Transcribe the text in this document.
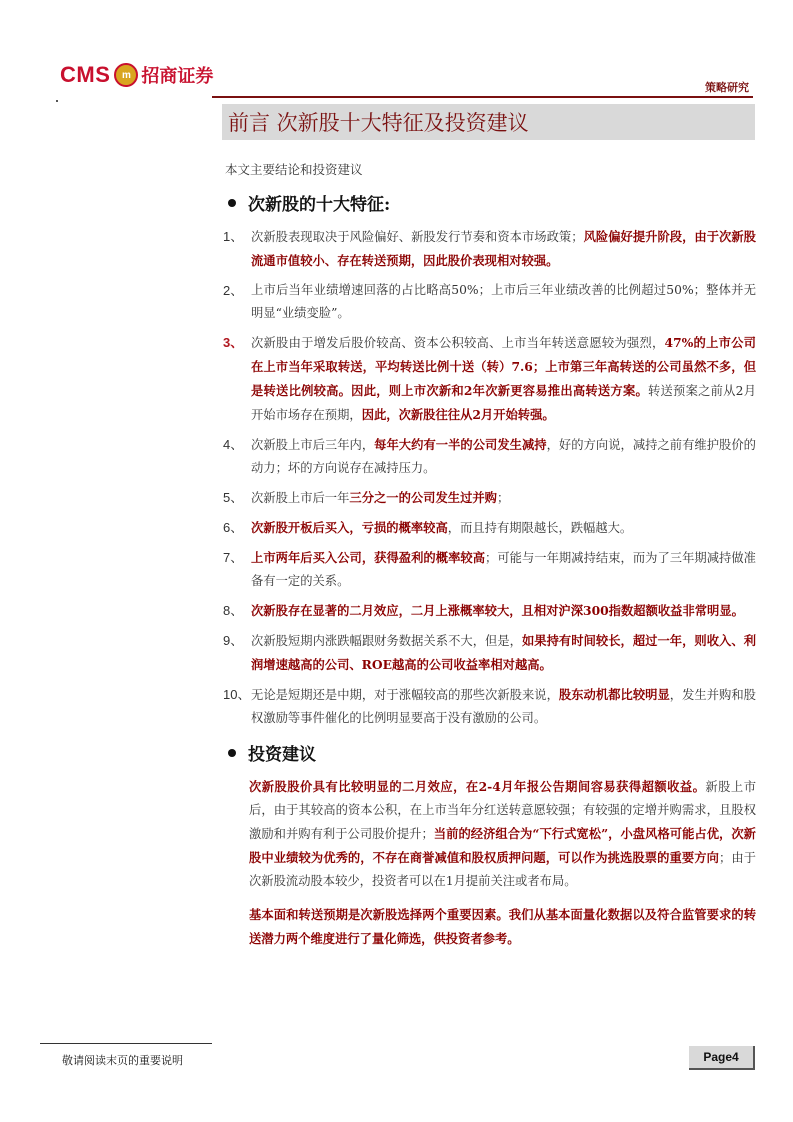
CMS	m 招商证券
策略研究
前言 次新股十大特征及投资建议
本文主要结论和投资建议
次新股的十大特征:
1、 次新股表现取决于风险偏好、新股发行节奏和资本市场政策；风险偏好提升阶段，由于次新股流通市值较小、存在转送预期，因此股价表现相对较强。
2、 上市后当年业绩增速回落的占比略高50%；上市后三年业绩改善的比例超过50%；整体并无明显“业绩变脸”。
3、 次新股由于增发后股价较高、资本公积较高、上市当年转送意愿较为强烈，47%的上市公司在上市当年采取转送，平均转送比例十送（转）7.6；上市第三年高转送的公司虽然不多，但是转送比例较高。因此，则上市次新和2年次新更容易推出高转送方案。转送预案之前从2月开始市场存在预期，因此，次新股往往从2月开始转强。
4、 次新股上市后三年内，每年大约有一半的公司发生减持，好的方向说，减持之前有维护股价的动力；坏的方向说存在减持压力。
5、 次新股上市后一年三分之一的公司发生过并购；
6、 次新股开板后买入，亏损的概率较高，而且持有期限越长，跌幅越大。
7、 上市两年后买入公司，获得盈利的概率较高；可能与一年期减持结束，而为了三年期减持做准备有一定的关系。
8、 次新股存在显著的二月效应，二月上涨概率较大，且相对沪深300指数超额收益非常明显。
9、 次新股短期内涨跌幅跟财务数据关系不大，但是，如果持有时间较长，超过一年，则收入、利润增速越高的公司、ROE越高的公司收益率相对越高。
10、 无论是短期还是中期，对于涨幅较高的那些次新股来说，股东动机都比较明显，发生并购和股权激励等事件催化的比例明显要高于没有激励的公司。
投资建议
次新股股价具有比较明显的二月效应，在2-4月年报公告期间容易获得超额收益。新股上市后，由于其较高的资本公积，在上市当年分红送转意愿较强；有较强的定增并购需求，且股权激励和并购有利于公司股价提升；当前的经济组合为“下行式宽松”，小盘风格可能占优，次新股中业绩较为优秀的，不存在商誉减值和股权质押问题，可以作为挑选股票的重要方向；由于次新股流动股本较少，投资者可以在1月提前关注或者布局。
基本面和转送预期是次新股选择两个重要因素。我们从基本面量化数据以及符合监管要求的转送潜力两个维度进行了量化筛选，供投资者参考。
敬请阅读末页的重要说明	Page4
